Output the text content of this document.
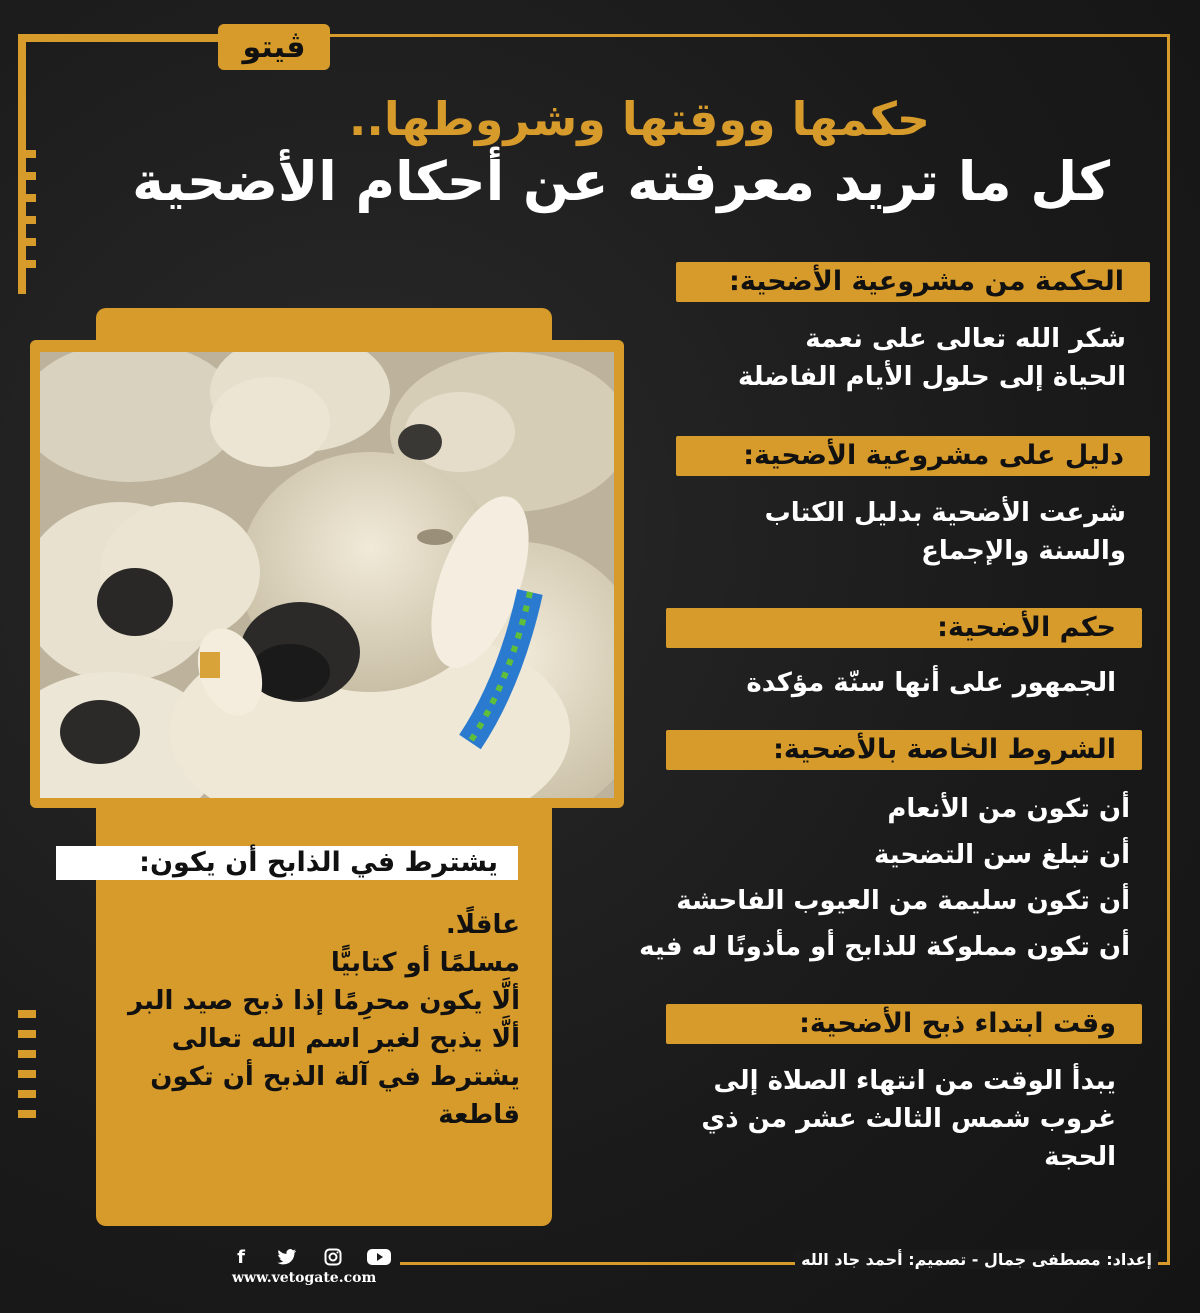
ڤيتو
حكمها ووقتها وشروطها..
كل ما تريد معرفته عن أحكام الأضحية
الحكمة من مشروعية الأضحية:
شكر الله تعالى على نعمة
الحياة إلى حلول الأيام الفاضلة
دليل على مشروعية الأضحية:
شرعت الأضحية بدليل الكتاب
والسنة والإجماع
حكم الأضحية:
الجمهور على أنها سنّة مؤكدة
الشروط الخاصة بالأضحية:
أن تكون من الأنعام
أن تبلغ سن التضحية
أن تكون سليمة من العيوب الفاحشة
أن تكون مملوكة للذابح أو مأذونًا له فيه
وقت ابتداء ذبح الأضحية:
يبدأ الوقت من انتهاء الصلاة إلى
غروب شمس الثالث عشر من ذي
الحجة
يشترط في الذابح أن يكون:
عاقلًا.
مسلمًا أو كتابيًّا
ألَّا يكون محرِمًا إذا ذبح صيد البر
ألَّا يذبح لغير اسم الله تعالى
يشترط في آلة الذبح أن تكون
قاطعة
إعداد: مصطفى جمال - تصميم: أحمد جاد الله
f
www.vetogate.com
